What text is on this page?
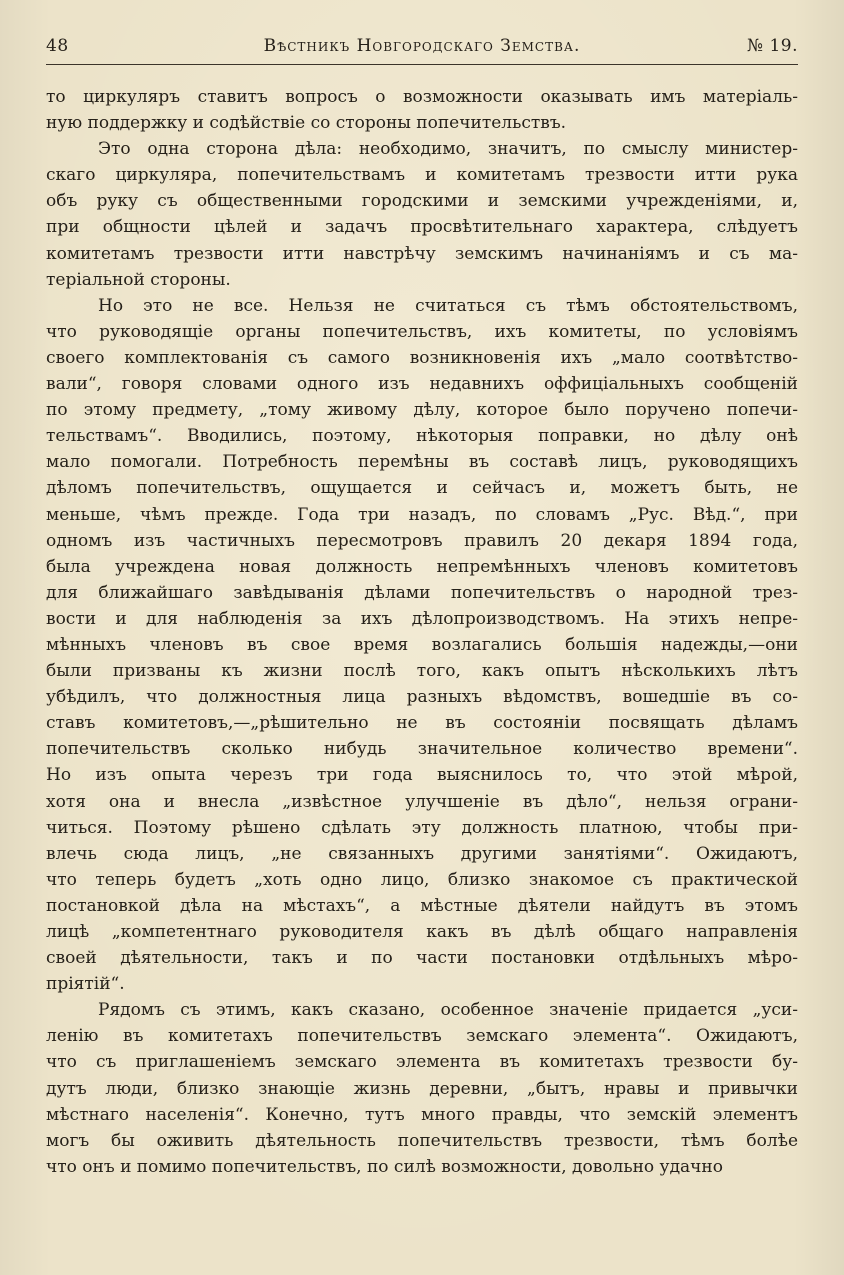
48	Вѣстникъ Новгородскаго Земства.	№ 19.

то циркуляръ ставитъ вопросъ о возможности оказывать имъ матеріаль-
ную поддержку и содѣйствіе со стороны попечительствъ.

Это одна сторона дѣла: необходимо, значитъ, по смыслу министер-
скаго циркуляра, попечительствамъ и комитетамъ трезвости итти рука
объ руку съ общественными городскими и земскими учрежденіями, и,
при общности цѣлей и задачъ просвѣтительнаго характера, слѣдуетъ
комитетамъ трезвости итти навстрѣчу земскимъ начинаніямъ и съ ма-
теріальной стороны.

Но это не все. Нельзя не считаться съ тѣмъ обстоятельствомъ,
что руководящіе органы попечительствъ, ихъ комитеты, по условіямъ
своего комплектованія съ самого возникновенія ихъ „мало соотвѣтство-
вали“, говоря словами одного изъ недавнихъ оффиціальныхъ сообщеній
по этому предмету, „тому живому дѣлу, которое было поручено попечи-
тельствамъ“. Вводились, поэтому, нѣкоторыя поправки, но дѣлу онѣ
мало помогали. Потребность перемѣны въ составѣ лицъ, руководящихъ
дѣломъ попечительствъ, ощущается и сейчасъ и, можетъ быть, не
меньше, чѣмъ прежде. Года три назадъ, по словамъ „Рус. Вѣд.“, при
одномъ изъ частичныхъ пересмотровъ правилъ 20 декаря 1894 года,
была учреждена новая должность непремѣнныхъ членовъ комитетовъ
для ближайшаго завѣдыванія дѣлами попечительствъ о народной трез-
вости и для наблюденія за ихъ дѣлопроизводствомъ. На этихъ непре-
мѣнныхъ членовъ въ свое время возлагались большія надежды,—они
были призваны къ жизни послѣ того, какъ опытъ нѣсколькихъ лѣтъ
убѣдилъ, что должностныя лица разныхъ вѣдомствъ, вошедшіе въ со-
ставъ комитетовъ,—„рѣшительно не въ состояніи посвящать дѣламъ
попечительствъ сколько нибудь значительное количество времени“.
Но изъ опыта черезъ три года выяснилось то, что этой мѣрой,
хотя она и внесла „извѣстное улучшеніе въ дѣло“, нельзя ограни-
читься. Поэтому рѣшено сдѣлать эту должность платною, чтобы при-
влечь сюда лицъ, „не связанныхъ другими занятіями“. Ожидаютъ,
что теперь будетъ „хоть одно лицо, близко знакомое съ практической
постановкой дѣла на мѣстахъ“, а мѣстные дѣятели найдутъ въ этомъ
лицѣ „компетентнаго руководителя какъ въ дѣлѣ общаго направленія
своей дѣятельности, такъ и по части постановки отдѣльныхъ мѣро-
пріятій“.

Рядомъ съ этимъ, какъ сказано, особенное значеніе придается „уси-
ленію въ комитетахъ попечительствъ земскаго элемента“. Ожидаютъ,
что съ приглашеніемъ земскаго элемента въ комитетахъ трезвости бу-
дутъ люди, близко знающіе жизнь деревни, „бытъ, нравы и привычки
мѣстнаго населенія“. Конечно, тутъ много правды, что земскій элементъ
могъ бы оживить дѣятельность попечительствъ трезвости, тѣмъ болѣе
что онъ и помимо попечительствъ, по силѣ возможности, довольно удачно
